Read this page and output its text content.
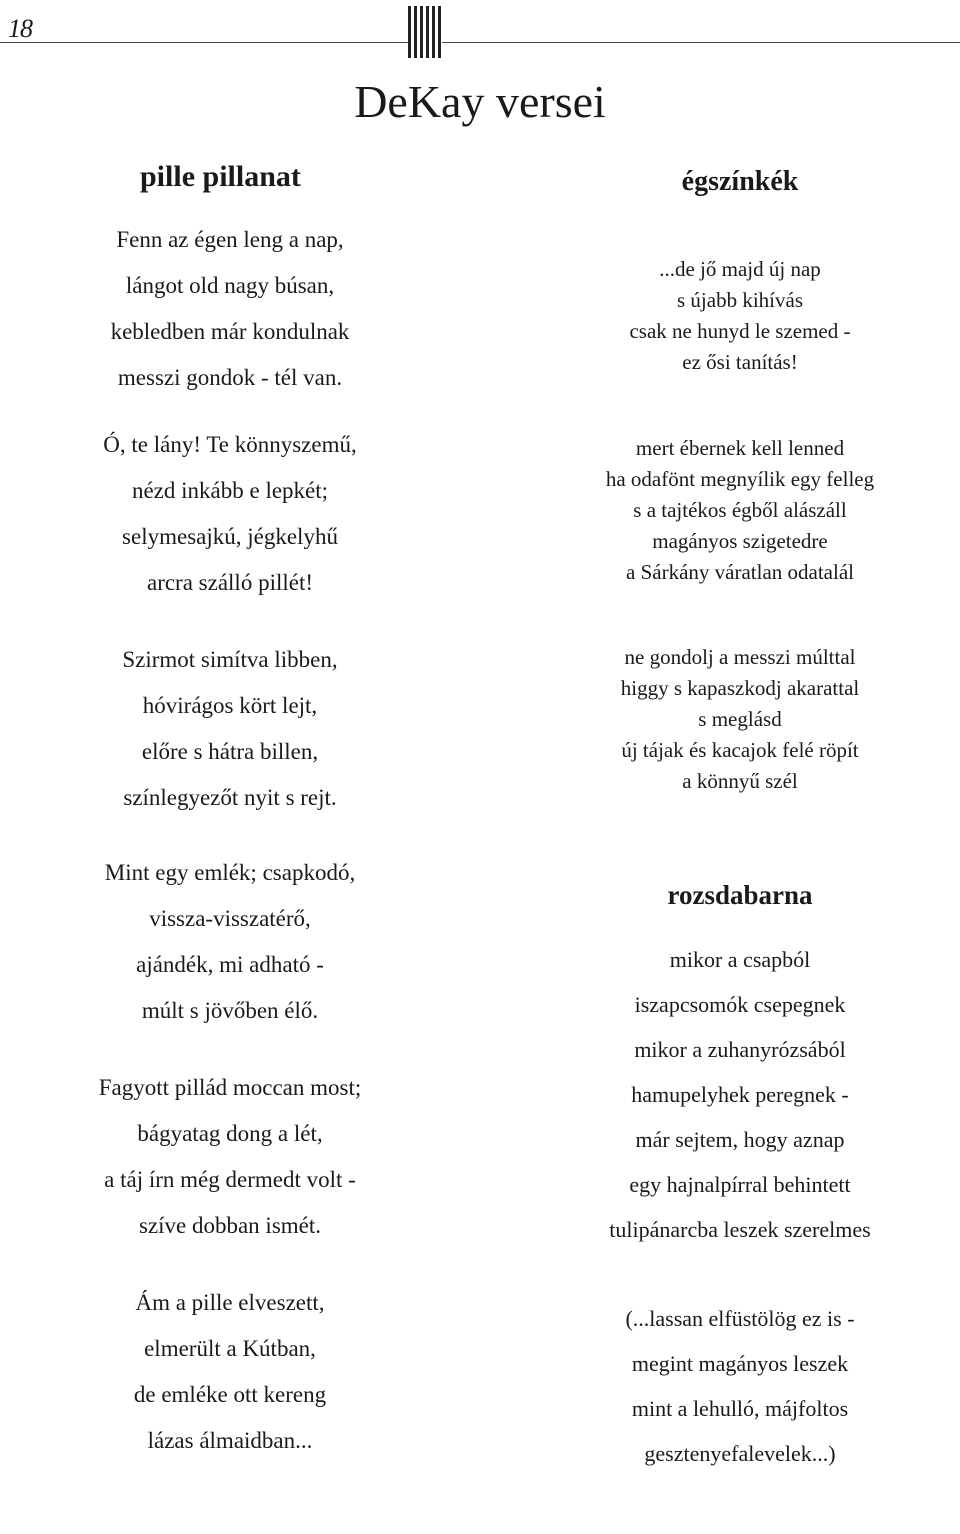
18
DeKay versei
pille pillanat
Fenn az égen leng a nap,
lángot old nagy búsan,
kebledben már kondulnak
messzi gondok - tél van.
Ó, te lány! Te könnyszemű,
nézd inkább e lepkét;
selymesajkú, jégkelyhű
arcra szálló pillét!
Szirmot simítva libben,
hóvirágos kört lejt,
előre s hátra billen,
színlegyezőt nyit s rejt.
Mint egy emlék; csapkodó,
vissza-visszatérő,
ajándék, mi adható -
múlt s jövőben élő.
Fagyott pillád moccan most;
bágyatag dong a lét,
a táj írn még dermedt volt -
szíve dobban ismét.
Ám a pille elveszett,
elmerült a Kútban,
de emléke ott kereng
lázas álmaidban...
égszínkék
...de jő majd új nap
s újabb kihívás
csak ne hunyd le szemed -
ez ősi tanítás!
mert ébernek kell lenned
ha odafönt megnyílik egy felleg
s a tajtékos égből alászáll
magányos szigetedre
a Sárkány váratlan odatalál
ne gondolj a messzi múlttal
higgy s kapaszkodj akarattal
s meglásd
új tájak és kacajok felé röpít
a könnyű szél
rozsdabarna
mikor a csapból
iszapcsomók csepegnek
mikor a zuhanyrózsából
hamupelyhek peregnek -
már sejtem, hogy aznap
egy hajnalpírral behintett
tulipánarcba leszek szerelmes
(...lassan elfüstölög ez is -
megint magányos leszek
mint a lehulló, májfoltos
gesztenyefalevelek...)
